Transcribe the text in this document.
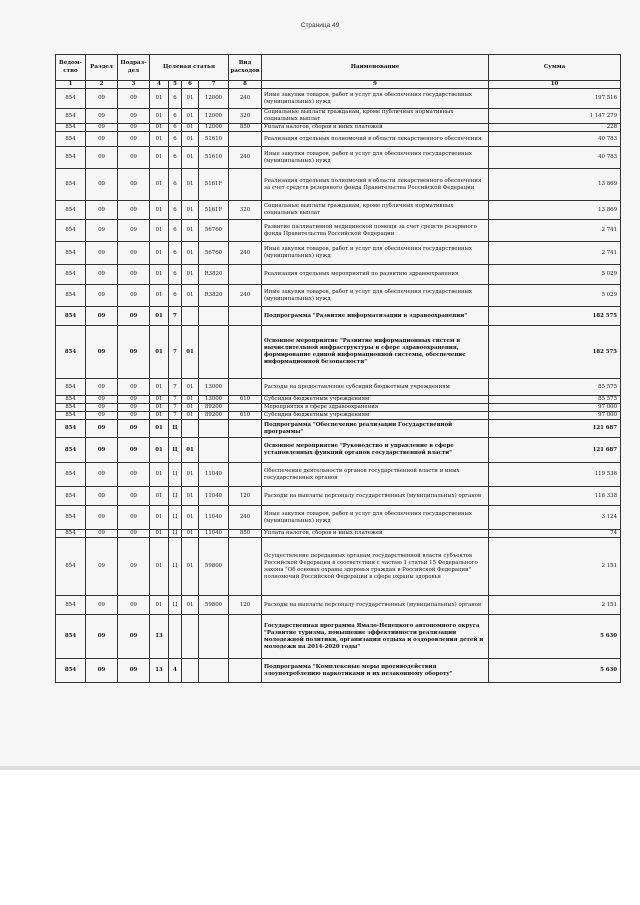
Страница 49
Ведом-ство	Раздел	Подраз-дел	Целевая статья				Вид расходов	Наименование	Сумма
1	2	3	4	5	6	7	8	9	10
854	09	09	01	6	01	12000	240	Иные закупки товаров, работ и услуг для обеспечения государственных (муниципальных) нужд	197 516
854	09	09	01	6	01	12000	320	Социальные выплаты гражданам, кроме публичных нормативных социальных выплат	1 147 279
854	09	09	01	6	01	12000	850	Уплата налогов, сборов и иных платежей	228
854	09	09	01	6	01	51610		Реализация отдельных полномочий в области лекарственного обеспечения	40 783
854	09	09	01	6	01	51610	240	Иные закупки товаров, работ и услуг для обеспечения государственных (муниципальных) нужд	40 783
854	09	09	01	6	01	5161F		Реализация отдельных полномочий в области лекарственного обеспечения за счет средств резервного фонда Правительства Российской Федерации	13 869
854	09	09	01	6	01	5161F	320	Социальные выплаты гражданам, кроме публичных нормативных социальных выплат	13 869
854	09	09	01	6	01	56760		Развитие паллиативной медицинской помощи за счет средств резервного фонда Правительства Российской Федерации	2 741
854	09	09	01	6	01	56760	240	Иные закупки товаров, работ и услуг для обеспечения государственных (муниципальных) нужд	2 741
854	09	09	01	6	01	R3820		Реализация отдельных мероприятий по развитию здравоохранения	5 029
854	09	09	01	6	01	R3820	240	Иные закупки товаров, работ и услуг для обеспечения государственных (муниципальных) нужд	5 029
854	09	09	01	7				Подпрограмма "Развитие информатизации в здравоохранении"	182 575
854	09	09	01	7	01			Основное мероприятие "Развитие информационных систем в вычислительной инфраструктуры в сфере здравоохранения, формирование единой информационной системы, обеспечение информационной безопасности"	182 575
854	09	09	01	7	01	13000		Расходы на предоставление субсидий бюджетным учреждениям	85 575
854	09	09	01	7	01	13000	610	Субсидии бюджетным учреждениям	85 575
854	09	09	01	7	01	89200		Мероприятия в сфере здравоохранения	97 000
854	09	09	01	7	01	89200	610	Субсидии бюджетным учреждениям	97 000
854	09	09	01	Ц				Подпрограмма "Обеспечение реализации Государственной программы"	121 687
854	09	09	01	Ц	01			Основное мероприятие "Руководство и управление в сфере установленных функций органов государственной власти"	121 687
854	09	09	01	Ц	01	11040		Обеспечение деятельности органов государственной власти и иных государственных органов	119 536
854	09	09	01	Ц	01	11040	120	Расходы на выплаты персоналу государственных (муниципальных) органов	116 338
854	09	09	01	Ц	01	11040	240	Иные закупки товаров, работ и услуг для обеспечения государственных (муниципальных) нужд	3 124
854	09	09	01	Ц	01	11040	850	Уплата налогов, сборов и иных платежей	74
854	09	09	01	Ц	01	59800		Осуществление переданных органам государственной власти субъектов Российской Федерации в соответствии с частью 1 статьи 15 Федерального закона "Об основах охраны здоровья граждан в Российской Федерации" полномочий Российской Федерации в сфере охраны здоровья	2 151
854	09	09	01	Ц	01	59800	120	Расходы на выплаты персоналу государственных (муниципальных) органов	2 151
854	09	09	13					Государственная программа Ямало-Ненецкого автономного округа "Развитие туризма, повышение эффективности реализации молодежной политики, организация отдыха и оздоровления детей и молодежи на 2014-2020 годы"	5 630
854	09	09	13	4				Подпрограмма "Комплексные меры противодействия злоупотреблению наркотиками и их незаконному обороту"	5 630
